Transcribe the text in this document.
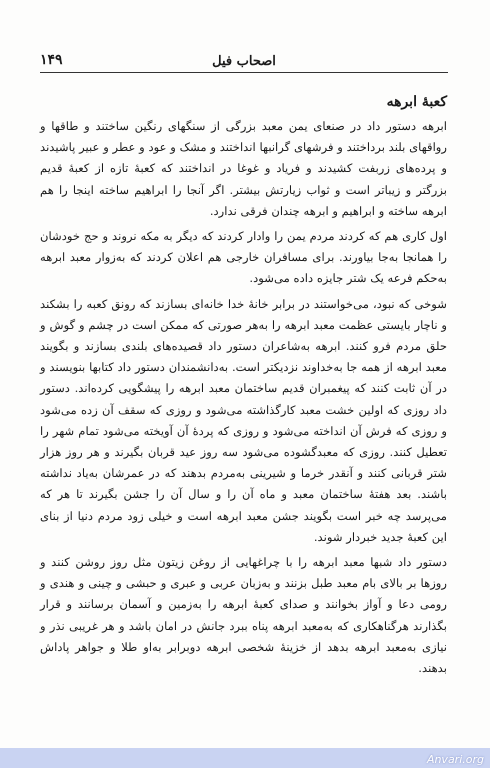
اصحاب فیل
۱۴۹
کعبهٔ ابرهه

ابرهه دستور داد در صنعای یمن معبد بزرگی از سنگهای رنگین ساختند و طاقها و رواقهای بلند برداختند و فرشهای گرانبها انداختند و مشک و عود و عطر و عبیر پاشیدند و پرده‌های زربفت کشیدند و فریاد و غوغا در انداختند که کعبهٔ تازه از کعبهٔ قدیم بزرگتر و زیباتر است و ثواب زیارتش بیشتر. اگر آنجا را ابراهیم ساخته اینجا را هم ابرهه ساخته و ابراهیم و ابرهه چندان فرقی ندارد.

اول کاری هم که کردند مردم یمن را وادار کردند که دیگر به مکه نروند و حج خودشان را همانجا به‌جا بیاورند. برای مسافران خارجی هم اعلان کردند که به‌زوار معبد ابرهه به‌حکم فرعه یک شتر جایزه داده می‌شود.

شوخی که نبود، می‌خواستند در برابر خانهٔ خدا خانه‌ای بسازند که رونق کعبه را بشکند و ناچار بایستی عظمت معبد ابرهه را به‌هر صورتی که ممکن است در چشم و گوش و حلق مردم فرو کنند. ابرهه به‌شاعران دستور داد قصیده‌های بلندی بسازند و بگویند معبد ابرهه از همه جا به‌خداوند نزدیکتر است. به‌دانشمندان دستور داد کتابها بنویسند و در آن ثابت کنند که پیغمبران قدیم ساختمان معبد ابرهه را پیشگویی کرده‌اند. دستور داد روزی که اولین خشت معبد کارگذاشته می‌شود و روزی که سقف آن زده می‌شود و روزی که فرش آن انداخته می‌شود و روزی که پردهٔ آن آویخته می‌شود تمام شهر را تعطیل کنند. روزی که معبدگشوده می‌شود سه روز عید قربان بگیرند و هر روز هزار شتر قربانی کنند و آنقدر خرما و شیرینی به‌مردم بدهند که در عمرشان به‌یاد نداشته باشند. بعد هفتهٔ ساختمان معبد و ماه آن را و سال آن را جشن بگیرند تا هر که می‌پرسد چه خبر است بگویند جشن معبد ابرهه است و خیلی زود مردم دنیا از بنای این کعبهٔ جدید خبردار شوند.

دستور داد شبها معبد ابرهه را با چراغهایی از روغن زیتون مثل روز روشن کنند و روزها بر بالای بام معبد طبل بزنند و به‌زبان عربی و عبری و حبشی و چینی و هندی و رومی دعا و آواز بخوانند و صدای کعبهٔ ابرهه را به‌زمین و آسمان برسانند و قرار بگذارند هرگناهکاری که به‌معبد ابرهه پناه ببرد جانش در امان باشد و هر غریبی نذر و نیازی به‌معبد ابرهه بدهد از خزینهٔ شخصی ابرهه دوبرابر به‌او طلا و جواهر پاداش بدهند.

Anvari.org
